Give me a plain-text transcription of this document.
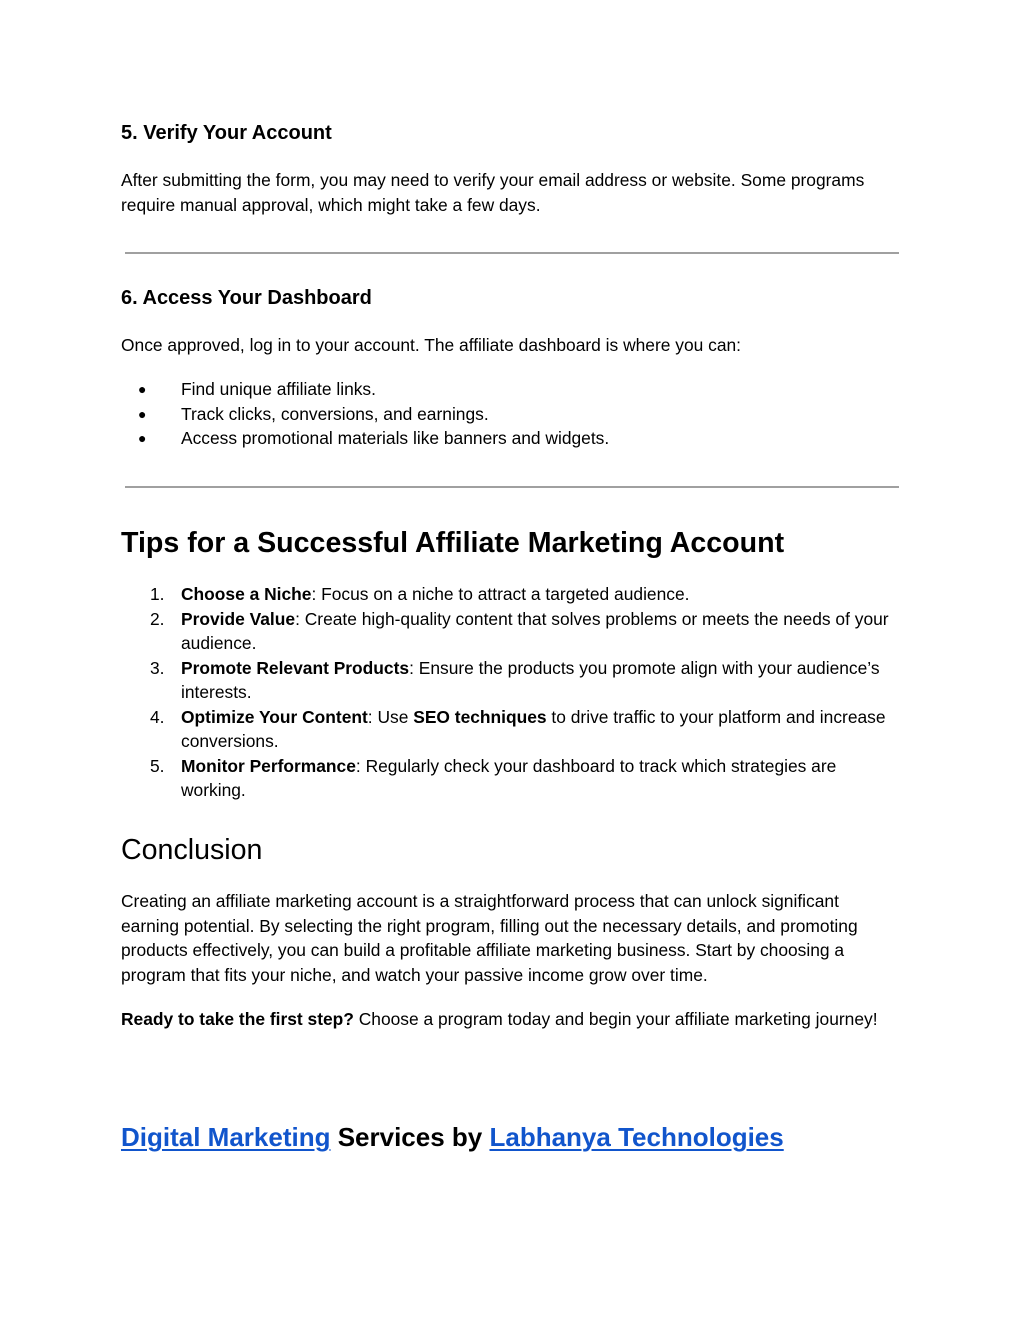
5. Verify Your Account

After submitting the form, you may need to verify your email address or website. Some programs require manual approval, which might take a few days.

6. Access Your Dashboard

Once approved, log in to your account. The affiliate dashboard is where you can:

● Find unique affiliate links.
● Track clicks, conversions, and earnings.
● Access promotional materials like banners and widgets.
Tips for a Successful Affiliate Marketing Account
1. Choose a Niche: Focus on a niche to attract a targeted audience.
2. Provide Value: Create high-quality content that solves problems or meets the needs of your audience.
3. Promote Relevant Products: Ensure the products you promote align with your audience’s interests.
4. Optimize Your Content: Use SEO techniques to drive traffic to your platform and increase conversions.
5. Monitor Performance: Regularly check your dashboard to track which strategies are working.
Conclusion

Creating an affiliate marketing account is a straightforward process that can unlock significant earning potential. By selecting the right program, filling out the necessary details, and promoting products effectively, you can build a profitable affiliate marketing business. Start by choosing a program that fits your niche, and watch your passive income grow over time.

Ready to take the first step? Choose a program today and begin your affiliate marketing journey!

Digital Marketing Services by Labhanya Technologies
